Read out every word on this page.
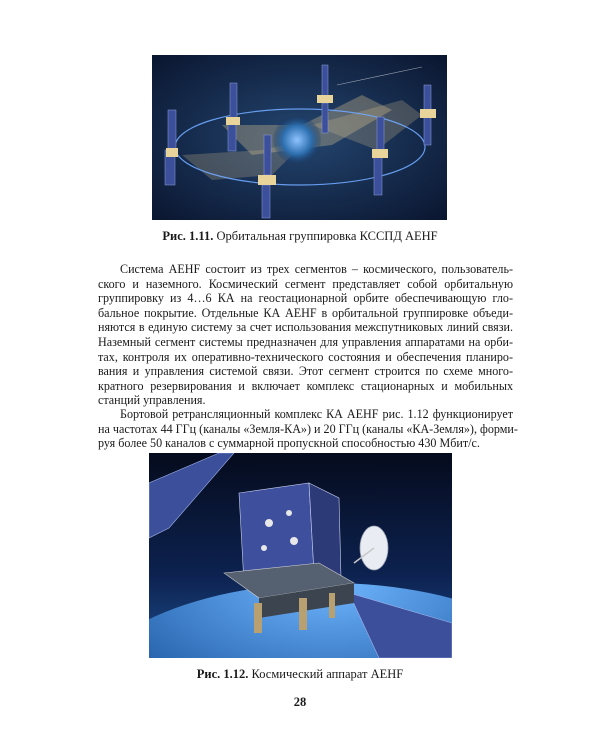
Рис. 1.11. Орбитальная группировка КССПД AEHF
Система AEHF состоит из трех сегментов – космического, пользователь-
ского и наземного. Космический сегмент представляет собой орбитальную
группировку из 4…6 КА на геостационарной орбите обеспечивающую гло-
бальное покрытие. Отдельные КА AEHF в орбитальной группировке объеди-
няются в единую систему за счет использования межспутниковых линий связи.
Наземный сегмент системы предназначен для управления аппаратами на орби-
тах, контроля их оперативно-технического состояния и обеспечения планиро-
вания и управления системой связи. Этот сегмент строится по схеме много-
кратного резервирования и включает комплекс стационарных и мобильных
станций управления.
Бортовой ретрансляционный комплекс КА AEHF рис. 1.12 функционирует
на частотах 44 ГГц (каналы «Земля-КА») и 20 ГГц (каналы «КА-Земля»), форми-
руя более 50 каналов с суммарной пропускной способностью 430 Мбит/с.
Рис. 1.12. Космический аппарат AEHF
28
